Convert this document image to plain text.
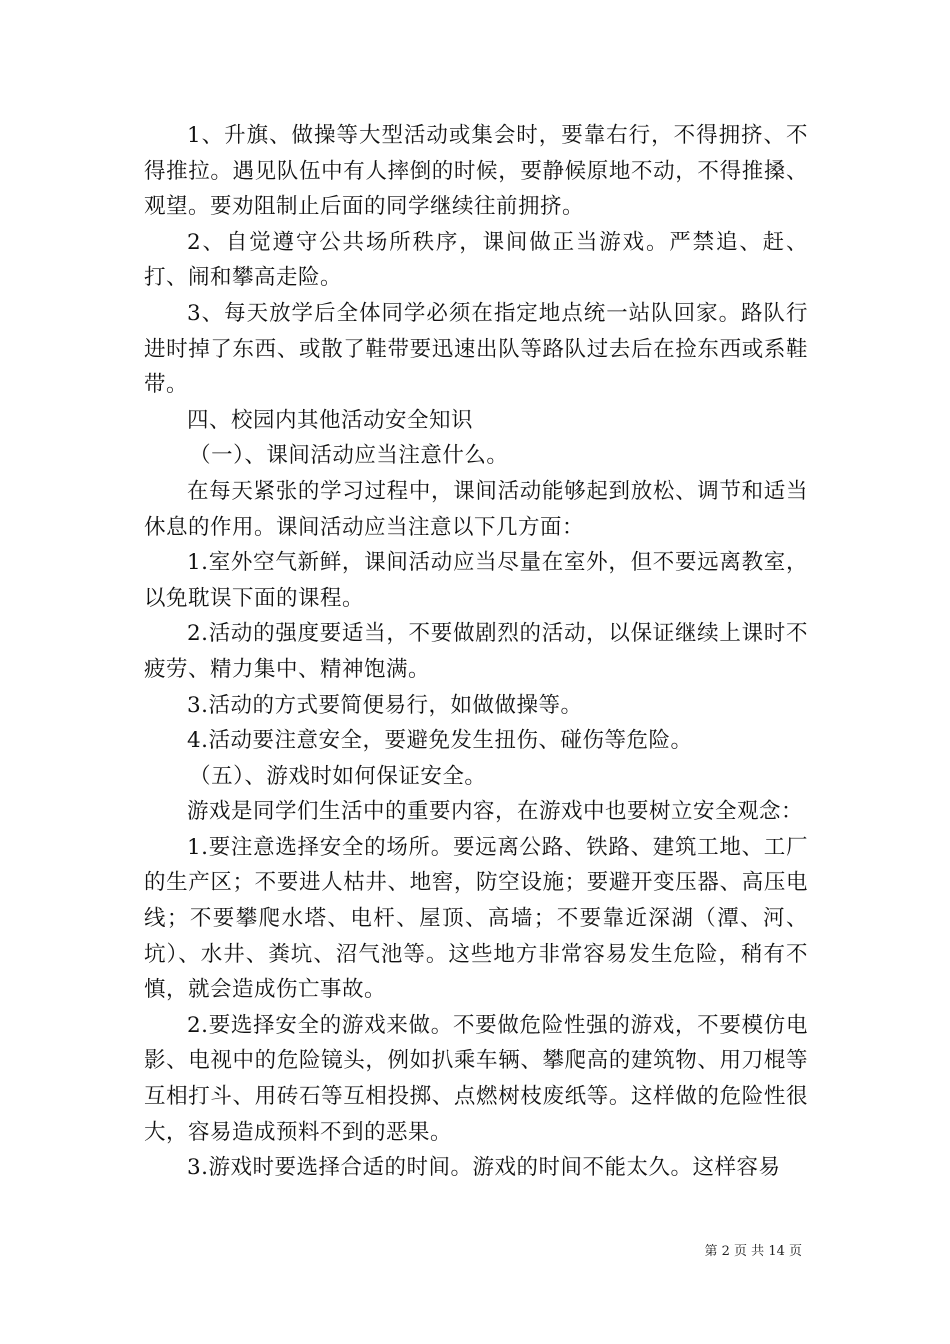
1、升旗、做操等大型活动或集会时，要靠右行，不得拥挤、不得推拉。遇见队伍中有人摔倒的时候，要静候原地不动，不得推搡、观望。要劝阻制止后面的同学继续往前拥挤。

2、自觉遵守公共场所秩序，课间做正当游戏。严禁追、赶、打、闹和攀高走险。

3、每天放学后全体同学必须在指定地点统一站队回家。路队行进时掉了东西、或散了鞋带要迅速出队等路队过去后在捡东西或系鞋带。

四、校园内其他活动安全知识

（一）、课间活动应当注意什么。

在每天紧张的学习过程中，课间活动能够起到放松、调节和适当休息的作用。课间活动应当注意以下几方面：

1.室外空气新鲜，课间活动应当尽量在室外，但不要远离教室，以免耽误下面的课程。

2.活动的强度要适当，不要做剧烈的活动，以保证继续上课时不疲劳、精力集中、精神饱满。

3.活动的方式要简便易行，如做做操等。

4.活动要注意安全，要避免发生扭伤、碰伤等危险。

（五）、游戏时如何保证安全。

游戏是同学们生活中的重要内容，在游戏中也要树立安全观念：

1.要注意选择安全的场所。要远离公路、铁路、建筑工地、工厂的生产区；不要进人枯井、地窖，防空设施；要避开变压器、高压电线；不要攀爬水塔、电杆、屋顶、高墙；不要靠近深湖（潭、河、坑）、水井、粪坑、沼气池等。这些地方非常容易发生危险，稍有不慎，就会造成伤亡事故。

2.要选择安全的游戏来做。不要做危险性强的游戏，不要模仿电影、电视中的危险镜头，例如扒乘车辆、攀爬高的建筑物、用刀棍等互相打斗、用砖石等互相投掷、点燃树枝废纸等。这样做的危险性很大，容易造成预料不到的恶果。

3.游戏时要选择合适的时间。游戏的时间不能太久。这样容易

第 2 页 共 14 页
